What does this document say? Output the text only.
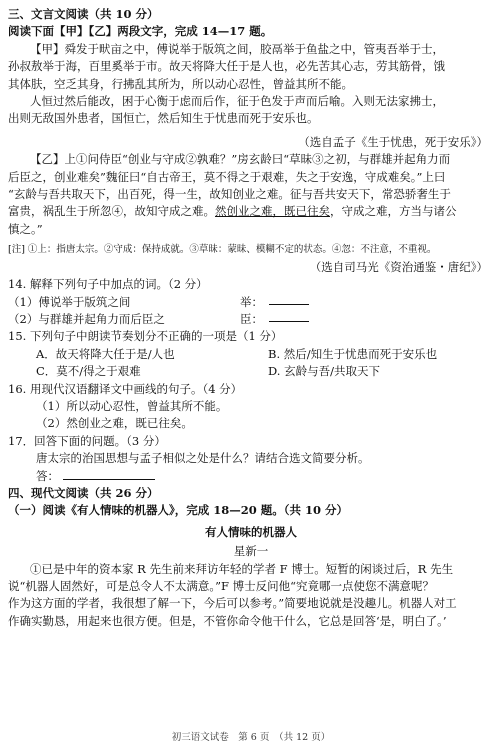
三、文言文阅读（共 10 分）
阅读下面【甲】【乙】两段文字，完成 14—17 题。
【甲】舜发于畎亩之中，傅说举于版筑之间，胶鬲举于鱼盐之中，管夷吾举于士，
孙叔敖举于海，百里奚举于市。故天将降大任于是人也，必先苦其心志，劳其筋骨，饿
其体肤，空乏其身，行拂乱其所为，所以动心忍性，曾益其所不能。
人恒过然后能改，困于心衡于虑而后作，征于色发于声而后喻。入则无法家拂士，
出则无敌国外患者，国恒亡，然后知生于忧患而死于安乐也。
（选自孟子《生于忧患，死于安乐》）
【乙】上①问侍臣“创业与守成②孰难？”房玄龄曰“草昧③之初，与群雄并起角力而
后臣之，创业难矣”魏征曰“自古帝王，莫不得之于艰难，失之于安逸，守成难矣。”上曰
“玄龄与吾共取天下，出百死，得一生，故知创业之难。征与吾共安天下，常恐骄奢生于
富贵，祸乱生于所忽④，故知守成之难。然创业之难，既已往矣，守成之难，方当与诸公
慎之。”
[注] ①上：指唐太宗。②守成：保持成就。③草昧：蒙昧、模糊不定的状态。④忽：不注意，不重视。
（选自司马光《资治通鉴・唐纪》）
14. 解释下列句子中加点的词。（2 分）
（1）傅说举于版筑之间	举：
（2）与群雄并起角力而后臣之	臣：
15. 下列句子中朗读节奏划分不正确的一项是（1 分）
A．故天将降大任于是/人也	B. 然后/知生于忧患而死于安乐也
C．莫不/得之于艰难	D. 玄龄与吾/共取天下
16. 用现代汉语翻译文中画线的句子。（4 分）
（1）所以动心忍性，曾益其所不能。
（2）然创业之难，既已往矣。
17．回答下面的问题。（3 分）
唐太宗的治国思想与孟子相似之处是什么？请结合选文简要分析。
答：
四、现代文阅读（共 26 分）
（一）阅读《有人情味的机器人》，完成 18—20 题。（共 10 分）
有人情味的机器人
星新一
①已是中年的资本家 R 先生前来拜访年轻的学者 F 博士。短暂的闲谈过后，R 先生
说“机器人固然好，可是总令人不太满意。”F 博士反问他“究竟哪一点使您不满意呢？
作为这方面的学者，我很想了解一下，今后可以参考。”简要地说就是没趣儿。机器人对工
作确实勤恳，用起来也很方便。但是，不管你命令他干什么，它总是回答‘是，明白了。’
初三语文试卷　第 6 页　（共 12 页）
